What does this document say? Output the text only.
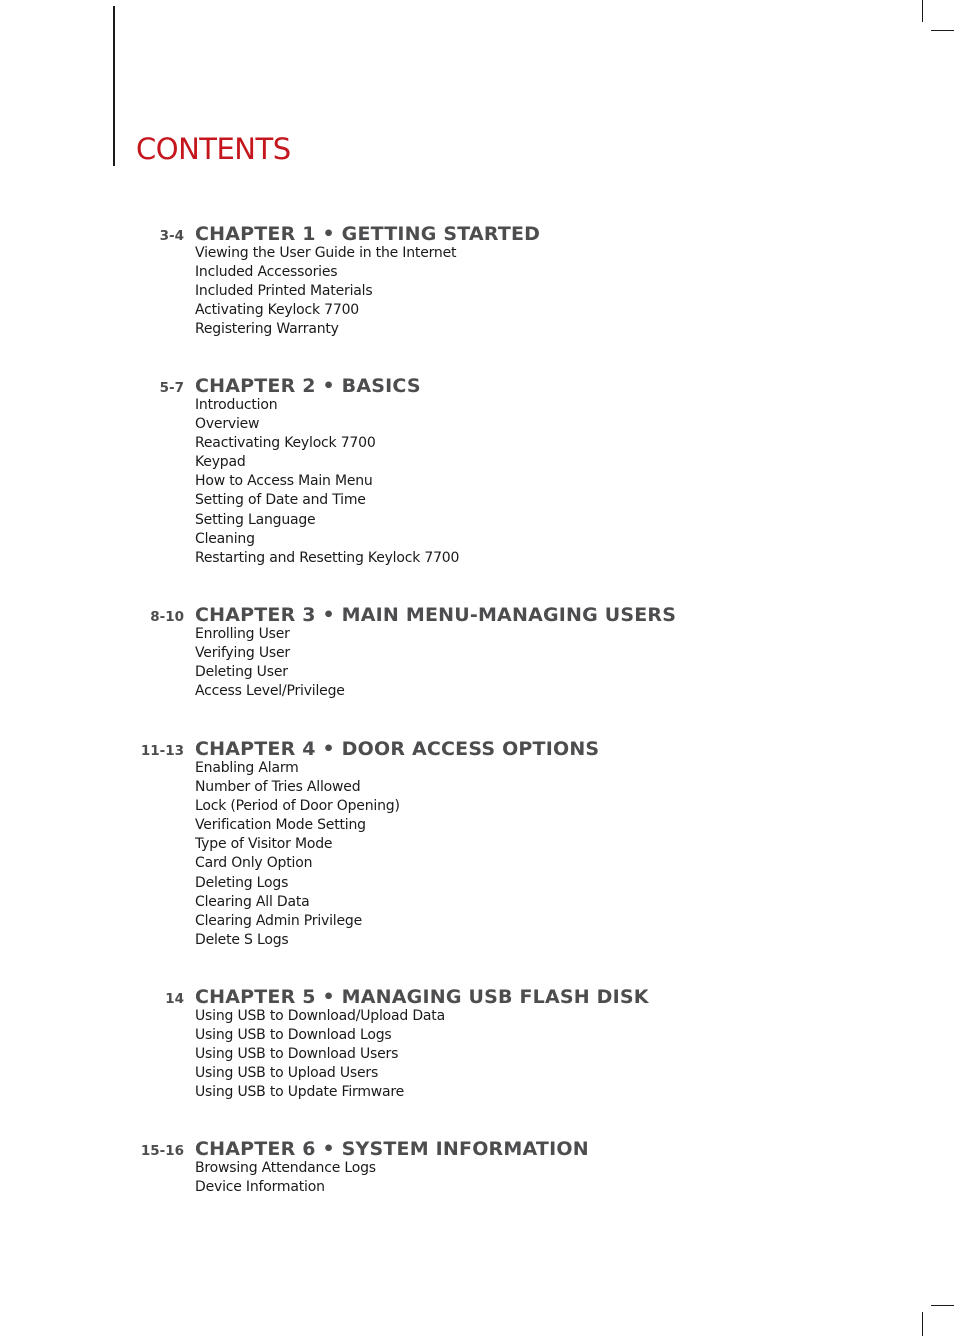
CONTENTS
3-4 CHAPTER 1 • GETTING STARTED
Viewing the User Guide in the Internet
Included Accessories
Included Printed Materials
Activating Keylock 7700
Registering Warranty
5-7 CHAPTER 2 • BASICS
Introduction
Overview
Reactivating Keylock 7700
Keypad
How to Access Main Menu
Setting of Date and Time
Setting Language
Cleaning
Restarting and Resetting Keylock 7700
8-10 CHAPTER 3 • MAIN MENU-MANAGING USERS
Enrolling User
Verifying User
Deleting User
Access Level/Privilege
11-13 CHAPTER 4 • DOOR ACCESS OPTIONS
Enabling Alarm
Number of Tries Allowed
Lock (Period of Door Opening)
Verification Mode Setting
Type of Visitor Mode
Card Only Option
Deleting Logs
Clearing All Data
Clearing Admin Privilege
Delete S Logs
14 CHAPTER 5 • MANAGING USB FLASH DISK
Using USB to Download/Upload Data
Using USB to Download Logs
Using USB to Download Users
Using USB to Upload Users
Using USB to Update Firmware
15-16 CHAPTER 6 • SYSTEM INFORMATION
Browsing Attendance Logs
Device Information
